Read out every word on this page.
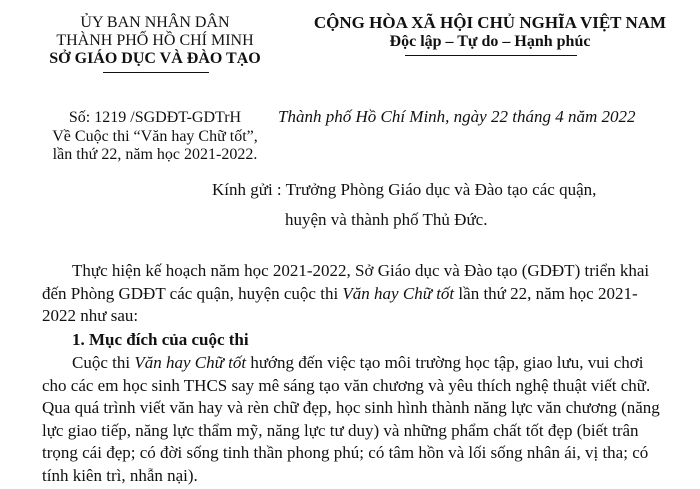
ỦY BAN NHÂN DÂN
THÀNH PHỐ HỒ CHÍ MINH
SỞ GIÁO DỤC VÀ ĐÀO TẠO
CỘNG HÒA XÃ HỘI CHỦ NGHĨA VIỆT NAM
Độc lập – Tự do – Hạnh phúc
Số: 1219 /SGDĐT-GDTrH
Về Cuộc thi “Văn hay Chữ tốt”,
lần thứ 22, năm học 2021-2022.
Thành phố Hồ Chí Minh, ngày 22 tháng 4 năm 2022
Kính gửi : Trưởng Phòng Giáo dục và Đào tạo các quận,
huyện và thành phố Thủ Đức.
Thực hiện kế hoạch năm học 2021-2022, Sở Giáo dục và Đào tạo (GDĐT) triển khai
đến Phòng GDĐT các quận, huyện cuộc thi Văn hay Chữ tốt lần thứ 22, năm học 2021-
2022 như sau:
1. Mục đích của cuộc thi
Cuộc thi Văn hay Chữ tốt hướng đến việc tạo môi trường học tập, giao lưu, vui chơi
cho các em học sinh THCS say mê sáng tạo văn chương và yêu thích nghệ thuật viết chữ.
Qua quá trình viết văn hay và rèn chữ đẹp, học sinh hình thành năng lực văn chương (năng
lực giao tiếp, năng lực thẩm mỹ, năng lực tư duy) và những phẩm chất tốt đẹp (biết trân
trọng cái đẹp; có đời sống tinh thần phong phú; có tâm hồn và lối sống nhân ái, vị tha; có
tính kiên trì, nhẫn nại).
